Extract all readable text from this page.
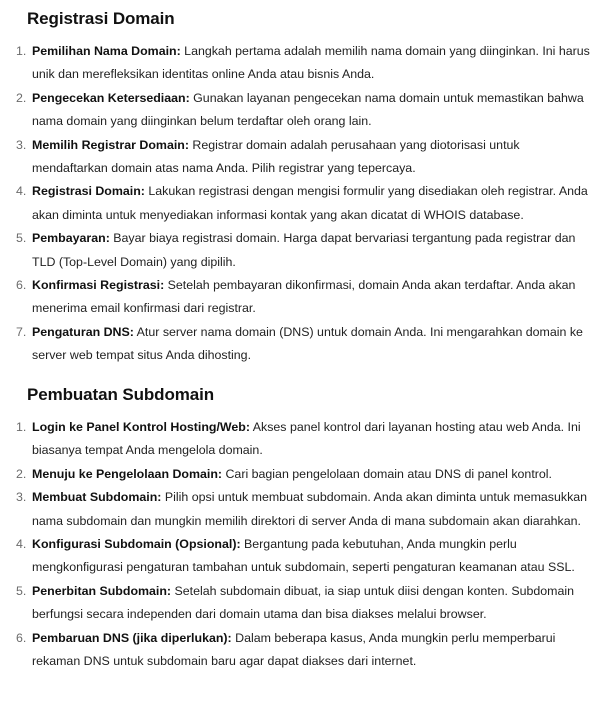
Registrasi Domain
1. Pemilihan Nama Domain: Langkah pertama adalah memilih nama domain yang diinginkan. Ini harus unik dan merefleksikan identitas online Anda atau bisnis Anda.
2. Pengecekan Ketersediaan: Gunakan layanan pengecekan nama domain untuk memastikan bahwa nama domain yang diinginkan belum terdaftar oleh orang lain.
3. Memilih Registrar Domain: Registrar domain adalah perusahaan yang diotorisasi untuk mendaftarkan domain atas nama Anda. Pilih registrar yang tepercaya.
4. Registrasi Domain: Lakukan registrasi dengan mengisi formulir yang disediakan oleh registrar. Anda akan diminta untuk menyediakan informasi kontak yang akan dicatat di WHOIS database.
5. Pembayaran: Bayar biaya registrasi domain. Harga dapat bervariasi tergantung pada registrar dan TLD (Top-Level Domain) yang dipilih.
6. Konfirmasi Registrasi: Setelah pembayaran dikonfirmasi, domain Anda akan terdaftar. Anda akan menerima email konfirmasi dari registrar.
7. Pengaturan DNS: Atur server nama domain (DNS) untuk domain Anda. Ini mengarahkan domain ke server web tempat situs Anda dihosting.
Pembuatan Subdomain
1. Login ke Panel Kontrol Hosting/Web: Akses panel kontrol dari layanan hosting atau web Anda. Ini biasanya tempat Anda mengelola domain.
2. Menuju ke Pengelolaan Domain: Cari bagian pengelolaan domain atau DNS di panel kontrol.
3. Membuat Subdomain: Pilih opsi untuk membuat subdomain. Anda akan diminta untuk memasukkan nama subdomain dan mungkin memilih direktori di server Anda di mana subdomain akan diarahkan.
4. Konfigurasi Subdomain (Opsional): Bergantung pada kebutuhan, Anda mungkin perlu mengkonfigurasi pengaturan tambahan untuk subdomain, seperti pengaturan keamanan atau SSL.
5. Penerbitan Subdomain: Setelah subdomain dibuat, ia siap untuk diisi dengan konten. Subdomain berfungsi secara independen dari domain utama dan bisa diakses melalui browser.
6. Pembaruan DNS (jika diperlukan): Dalam beberapa kasus, Anda mungkin perlu memperbarui rekaman DNS untuk subdomain baru agar dapat diakses dari internet.
